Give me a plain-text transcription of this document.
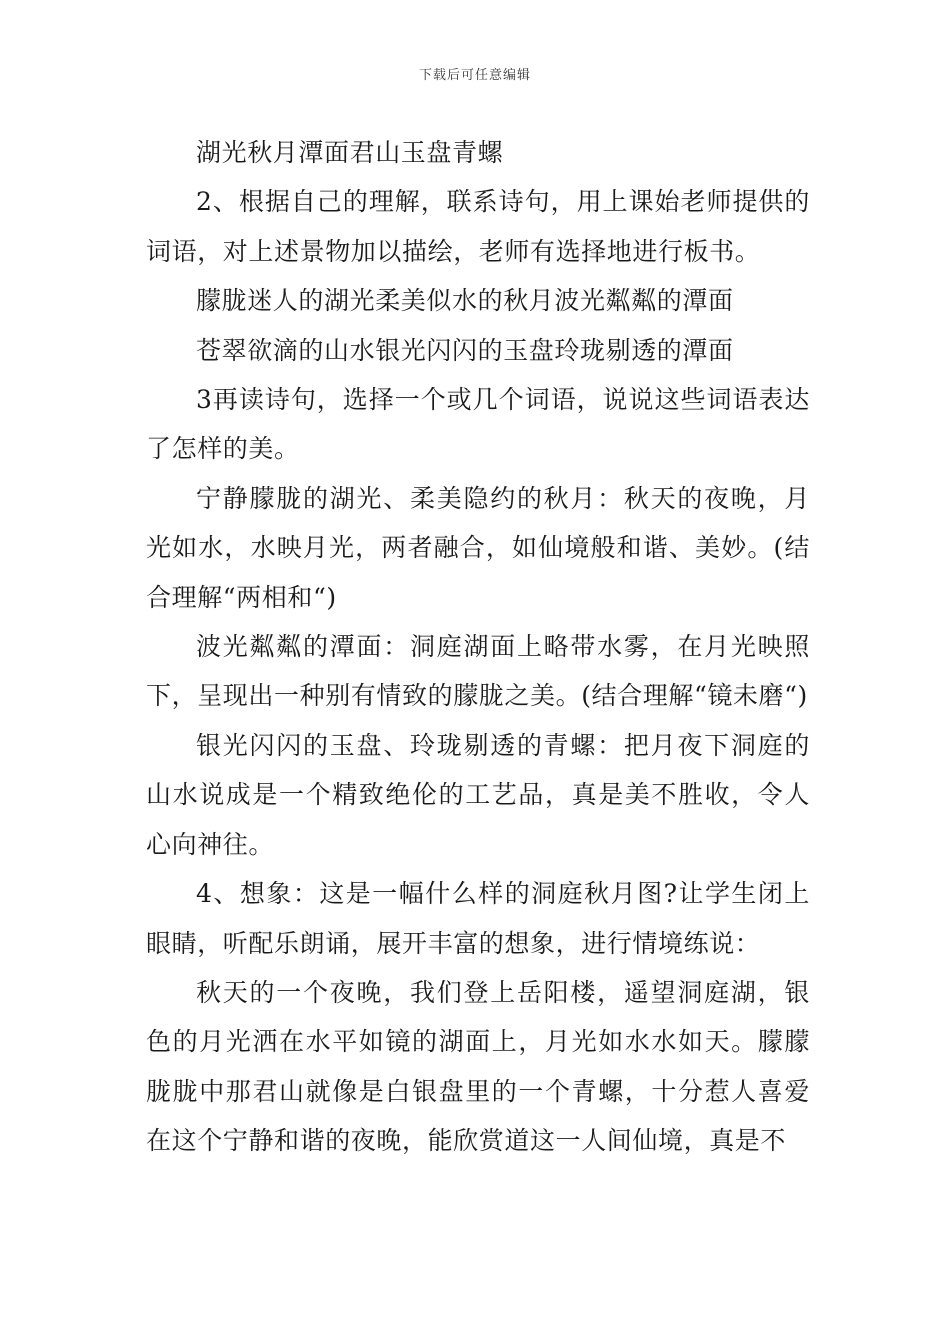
下载后可任意编辑

湖光秋月潭面君山玉盘青螺

2、根据自己的理解，联系诗句，用上课始老师提供的词语，对上述景物加以描绘，老师有选择地进行板书。

朦胧迷人的湖光柔美似水的秋月波光粼粼的潭面

苍翠欲滴的山水银光闪闪的玉盘玲珑剔透的潭面

3再读诗句，选择一个或几个词语，说说这些词语表达了怎样的美。

宁静朦胧的湖光、柔美隐约的秋月：秋天的夜晚，月光如水，水映月光，两者融合，如仙境般和谐、美妙。(结合理解“两相和“)

波光粼粼的潭面：洞庭湖面上略带水雾，在月光映照下，呈现出一种别有情致的朦胧之美。(结合理解“镜未磨“)

银光闪闪的玉盘、玲珑剔透的青螺：把月夜下洞庭的山水说成是一个精致绝伦的工艺品，真是美不胜收，令人心向神往。

4、想象：这是一幅什么样的洞庭秋月图?让学生闭上眼睛，听配乐朗诵，展开丰富的想象，进行情境练说：

秋天的一个夜晚，我们登上岳阳楼，遥望洞庭湖，银色的月光洒在水平如镜的湖面上，月光如水水如天。朦朦胧胧中那君山就像是白银盘里的一个青螺，十分惹人喜爱在这个宁静和谐的夜晚，能欣赏道这一人间仙境，真是不
